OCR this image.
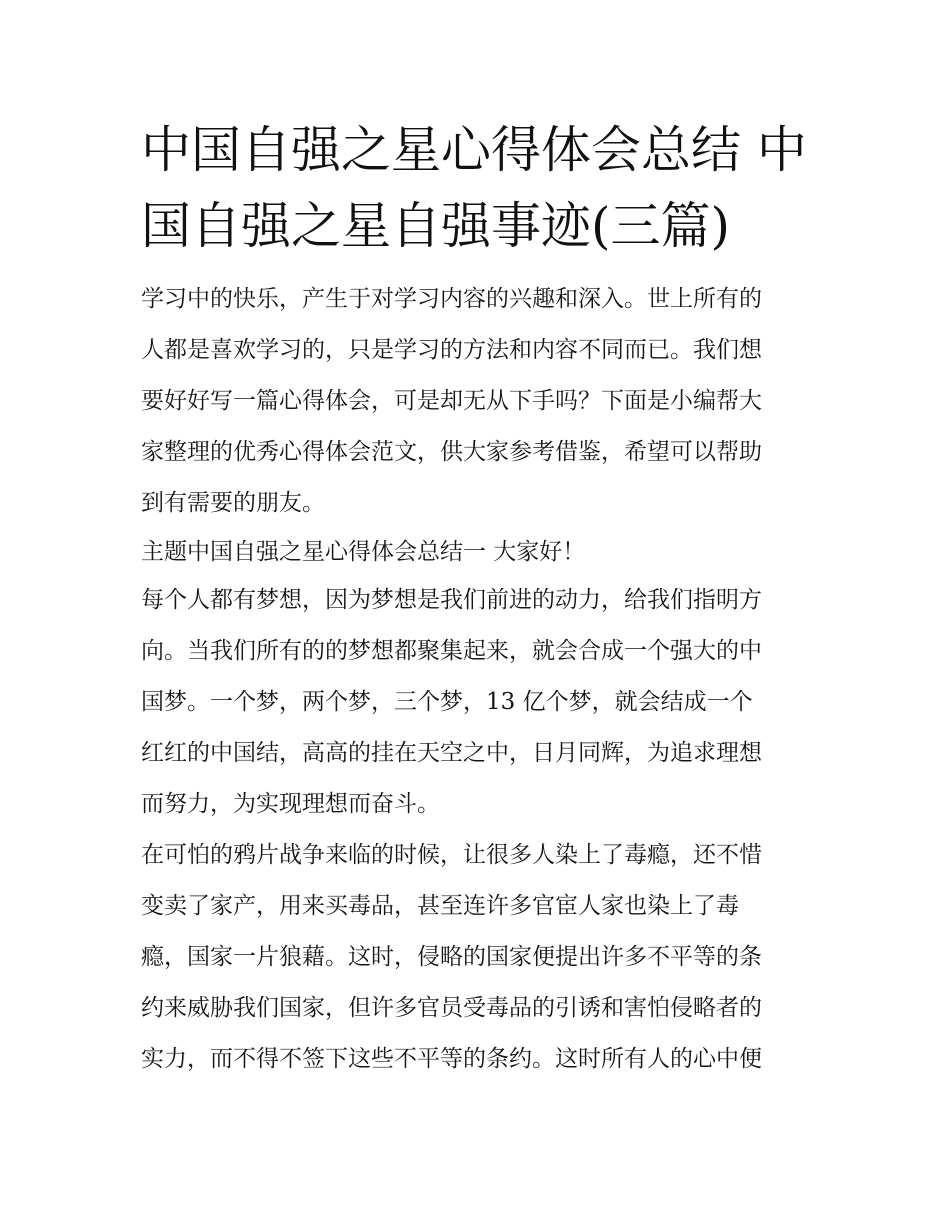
中国自强之星心得体会总结 中
国自强之星自强事迹(三篇)

学习中的快乐，产生于对学习内容的兴趣和深入。世上所有的
人都是喜欢学习的，只是学习的方法和内容不同而已。我们想
要好好写一篇心得体会，可是却无从下手吗？下面是小编帮大
家整理的优秀心得体会范文，供大家参考借鉴，希望可以帮助
到有需要的朋友。

主题中国自强之星心得体会总结一 大家好！

每个人都有梦想，因为梦想是我们前进的动力，给我们指明方
向。当我们所有的的梦想都聚集起来，就会合成一个强大的中
国梦。一个梦，两个梦，三个梦，13 亿个梦，就会结成一个
红红的中国结，高高的挂在天空之中，日月同辉，为追求理想
而努力，为实现理想而奋斗。

在可怕的鸦片战争来临的时候，让很多人染上了毒瘾，还不惜
变卖了家产，用来买毒品，甚至连许多官宦人家也染上了毒
瘾，国家一片狼藉。这时，侵略的国家便提出许多不平等的条
约来威胁我们国家，但许多官员受毒品的引诱和害怕侵略者的
实力，而不得不签下这些不平等的条约。这时所有人的心中便
